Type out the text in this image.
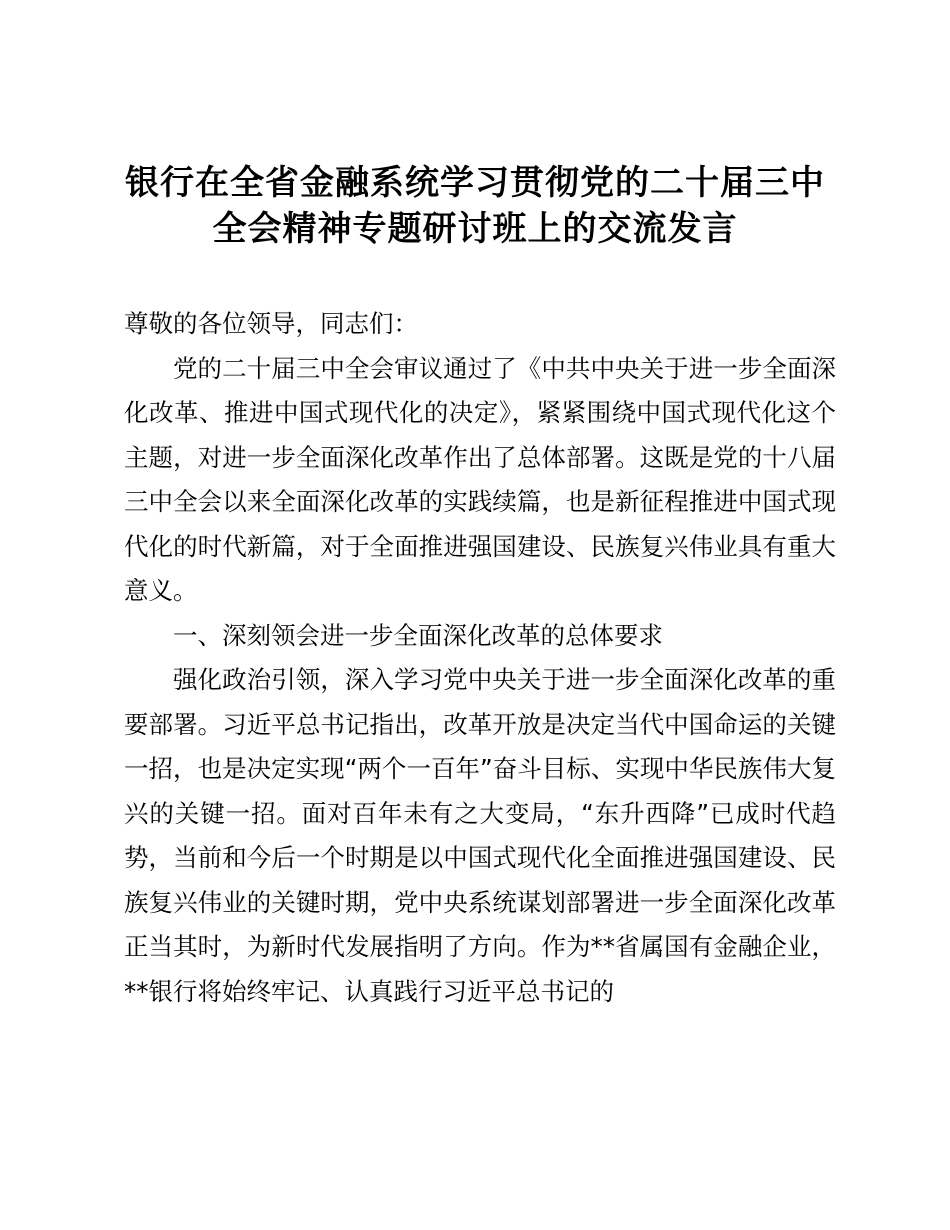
银行在全省金融系统学习贯彻党的二十届三中
全会精神专题研讨班上的交流发言

尊敬的各位领导，同志们：

党的二十届三中全会审议通过了《中共中央关于进一步全面深化改革、推进中国式现代化的决定》，紧紧围绕中国式现代化这个主题，对进一步全面深化改革作出了总体部署。这既是党的十八届三中全会以来全面深化改革的实践续篇，也是新征程推进中国式现代化的时代新篇，对于全面推进强国建设、民族复兴伟业具有重大意义。

一、深刻领会进一步全面深化改革的总体要求

强化政治引领，深入学习党中央关于进一步全面深化改革的重要部署。习近平总书记指出，改革开放是决定当代中国命运的关键一招，也是决定实现“两个一百年”奋斗目标、实现中华民族伟大复兴的关键一招。面对百年未有之大变局，“东升西降”已成时代趋势，当前和今后一个时期是以中国式现代化全面推进强国建设、民族复兴伟业的关键时期，党中央系统谋划部署进一步全面深化改革正当其时，为新时代发展指明了方向。作为**省属国有金融企业，**银行将始终牢记、认真践行习近平总书记的
